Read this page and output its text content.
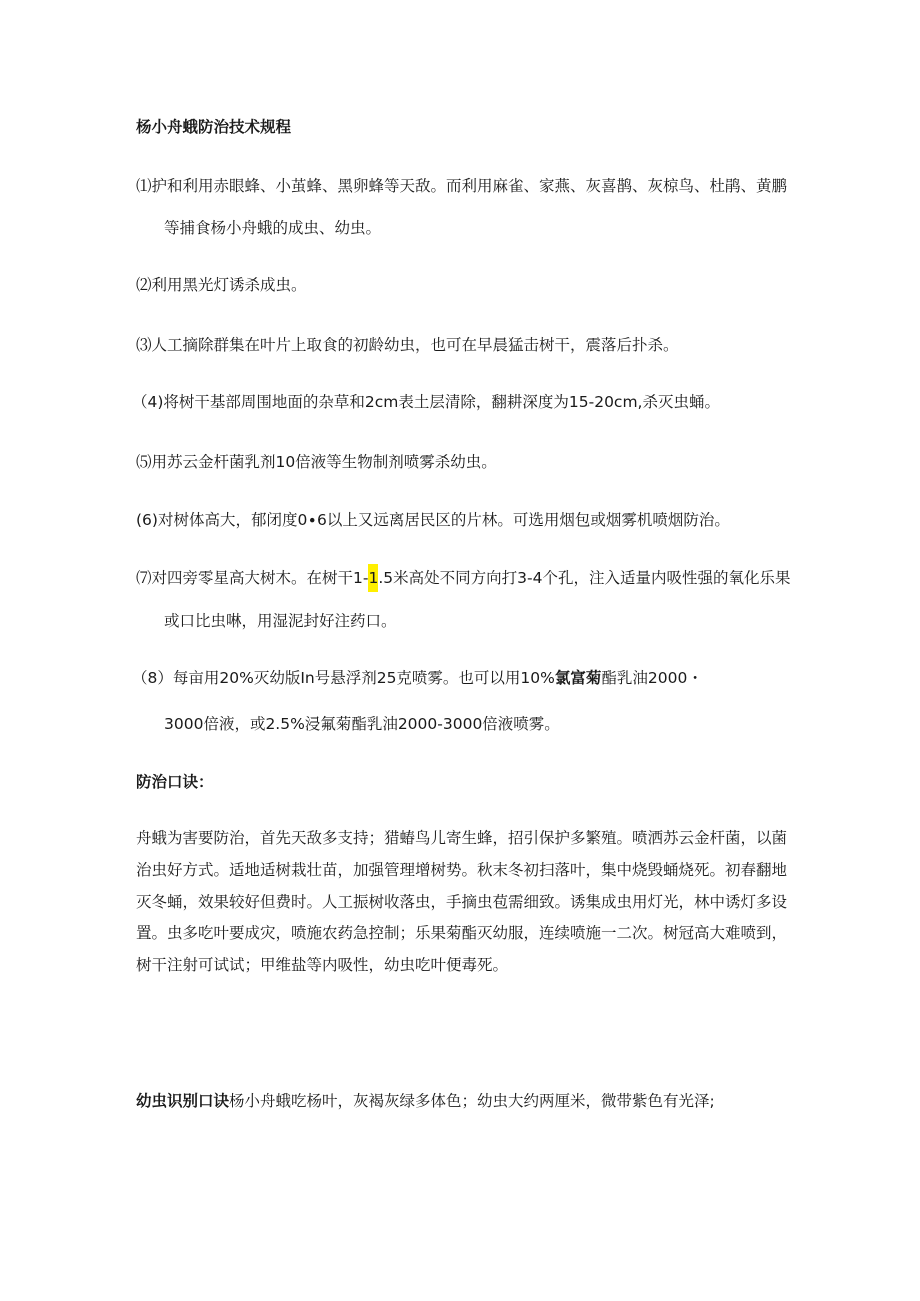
杨小舟蛾防治技术规程
⑴护和利用赤眼蜂、小茧蜂、黑卵蜂等天敌。而利用麻雀、家燕、灰喜鹊、灰椋鸟、杜鹃、黄鹏
等捕食杨小舟蛾的成虫、幼虫。
⑵利用黑光灯诱杀成虫。
⑶人工摘除群集在叶片上取食的初龄幼虫，也可在早晨猛击树干，震落后扑杀。
（4)将树干基部周围地面的杂草和2cm表土层清除，翻耕深度为15-20cm,杀灭虫蛹。
⑸用苏云金杆菌乳剂10倍液等生物制剂喷雾杀幼虫。
(6)对树体高大，郁闭度0∙6以上又远离居民区的片林。可选用烟包或烟雾机喷烟防治。
⑺对四旁零星高大树木。在树干1-1.5米高处不同方向打3-4个孔，注入适量内吸性强的氧化乐果
或口比虫啉，用湿泥封好注药口。
（8）每亩用20%灭幼版In号悬浮剂25克喷雾。也可以用10%氯富菊酯乳油2000・
3000倍液，或2.5%浸氟菊酯乳油2000-3000倍液喷雾。
防治口诀：
舟蛾为害要防治，首先天敌多支持；猎蝽鸟儿寄生蜂，招引保护多繁殖。喷洒苏云金杆菌，以菌治虫好方式。适地适树栽壮苗，加强管理增树势。秋末冬初扫落叶，集中烧毁蛹烧死。初春翻地灭冬蛹，效果较好但费时。人工振树收落虫，手摘虫苞需细致。诱集成虫用灯光，林中诱灯多设置。虫多吃叶要成灾，喷施农药急控制；乐果菊酯灭幼服，连续喷施一二次。树冠高大难喷到，树干注射可试试；甲维盐等内吸性，幼虫吃叶便毒死。
幼虫识别口诀杨小舟蛾吃杨叶，灰褐灰绿多体色；幼虫大约两厘米，微带紫色有光泽;
